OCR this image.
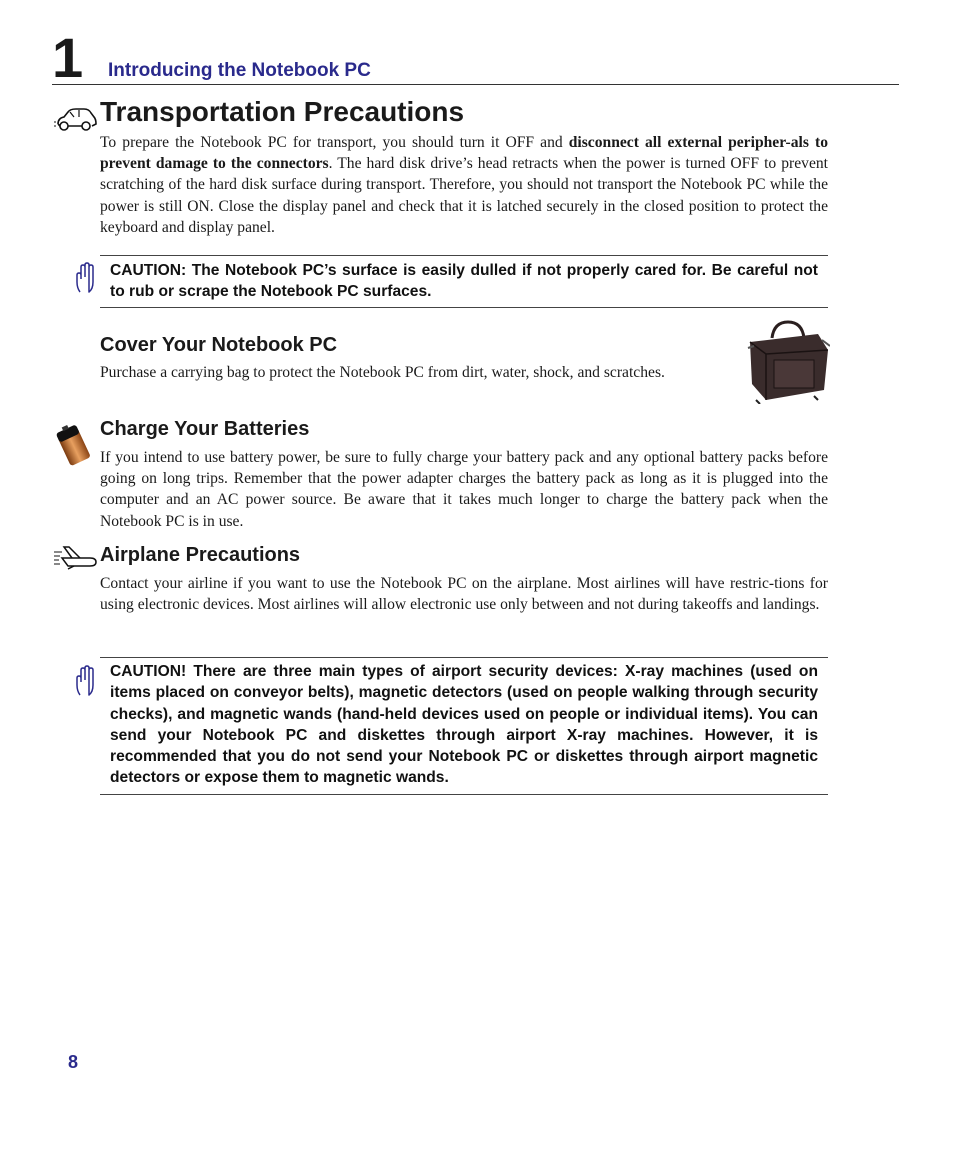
1 Introducing the Notebook PC
Transportation Precautions
To prepare the Notebook PC for transport, you should turn it OFF and disconnect all external peripher-als to prevent damage to the connectors. The hard disk drive’s head retracts when the power is turned OFF to prevent scratching of the hard disk surface during transport. Therefore, you should not transport the Notebook PC while the power is still ON. Close the display panel and check that it is latched securely in the closed position to protect the keyboard and display panel.

CAUTION: The Notebook PC’s surface is easily dulled if not properly cared for. Be careful not to rub or scrape the Notebook PC surfaces.

Cover Your Notebook PC
Purchase a carrying bag to protect the Notebook PC from dirt, water, shock, and scratches.
Charge Your Batteries
If you intend to use battery power, be sure to fully charge your battery pack and any optional battery packs before going on long trips. Remember that the power adapter charges the battery pack as long as it is plugged into the computer and an AC power source. Be aware that it takes much longer to charge the battery pack when the Notebook PC is in use.
Airplane Precautions
Contact your airline if you want to use the Notebook PC on the airplane. Most airlines will have restric-tions for using electronic devices. Most airlines will allow electronic use only between and not during takeoffs and landings.

CAUTION! There are three main types of airport security devices: X-ray machines (used on items placed on conveyor belts), magnetic detectors (used on people walking through security checks), and magnetic wands (hand-held devices used on people or individual items). You can send your Notebook PC and diskettes through airport X-ray machines. However, it is recommended that you do not send your Notebook PC or diskettes through airport magnetic detectors or expose them to magnetic wands.

8
